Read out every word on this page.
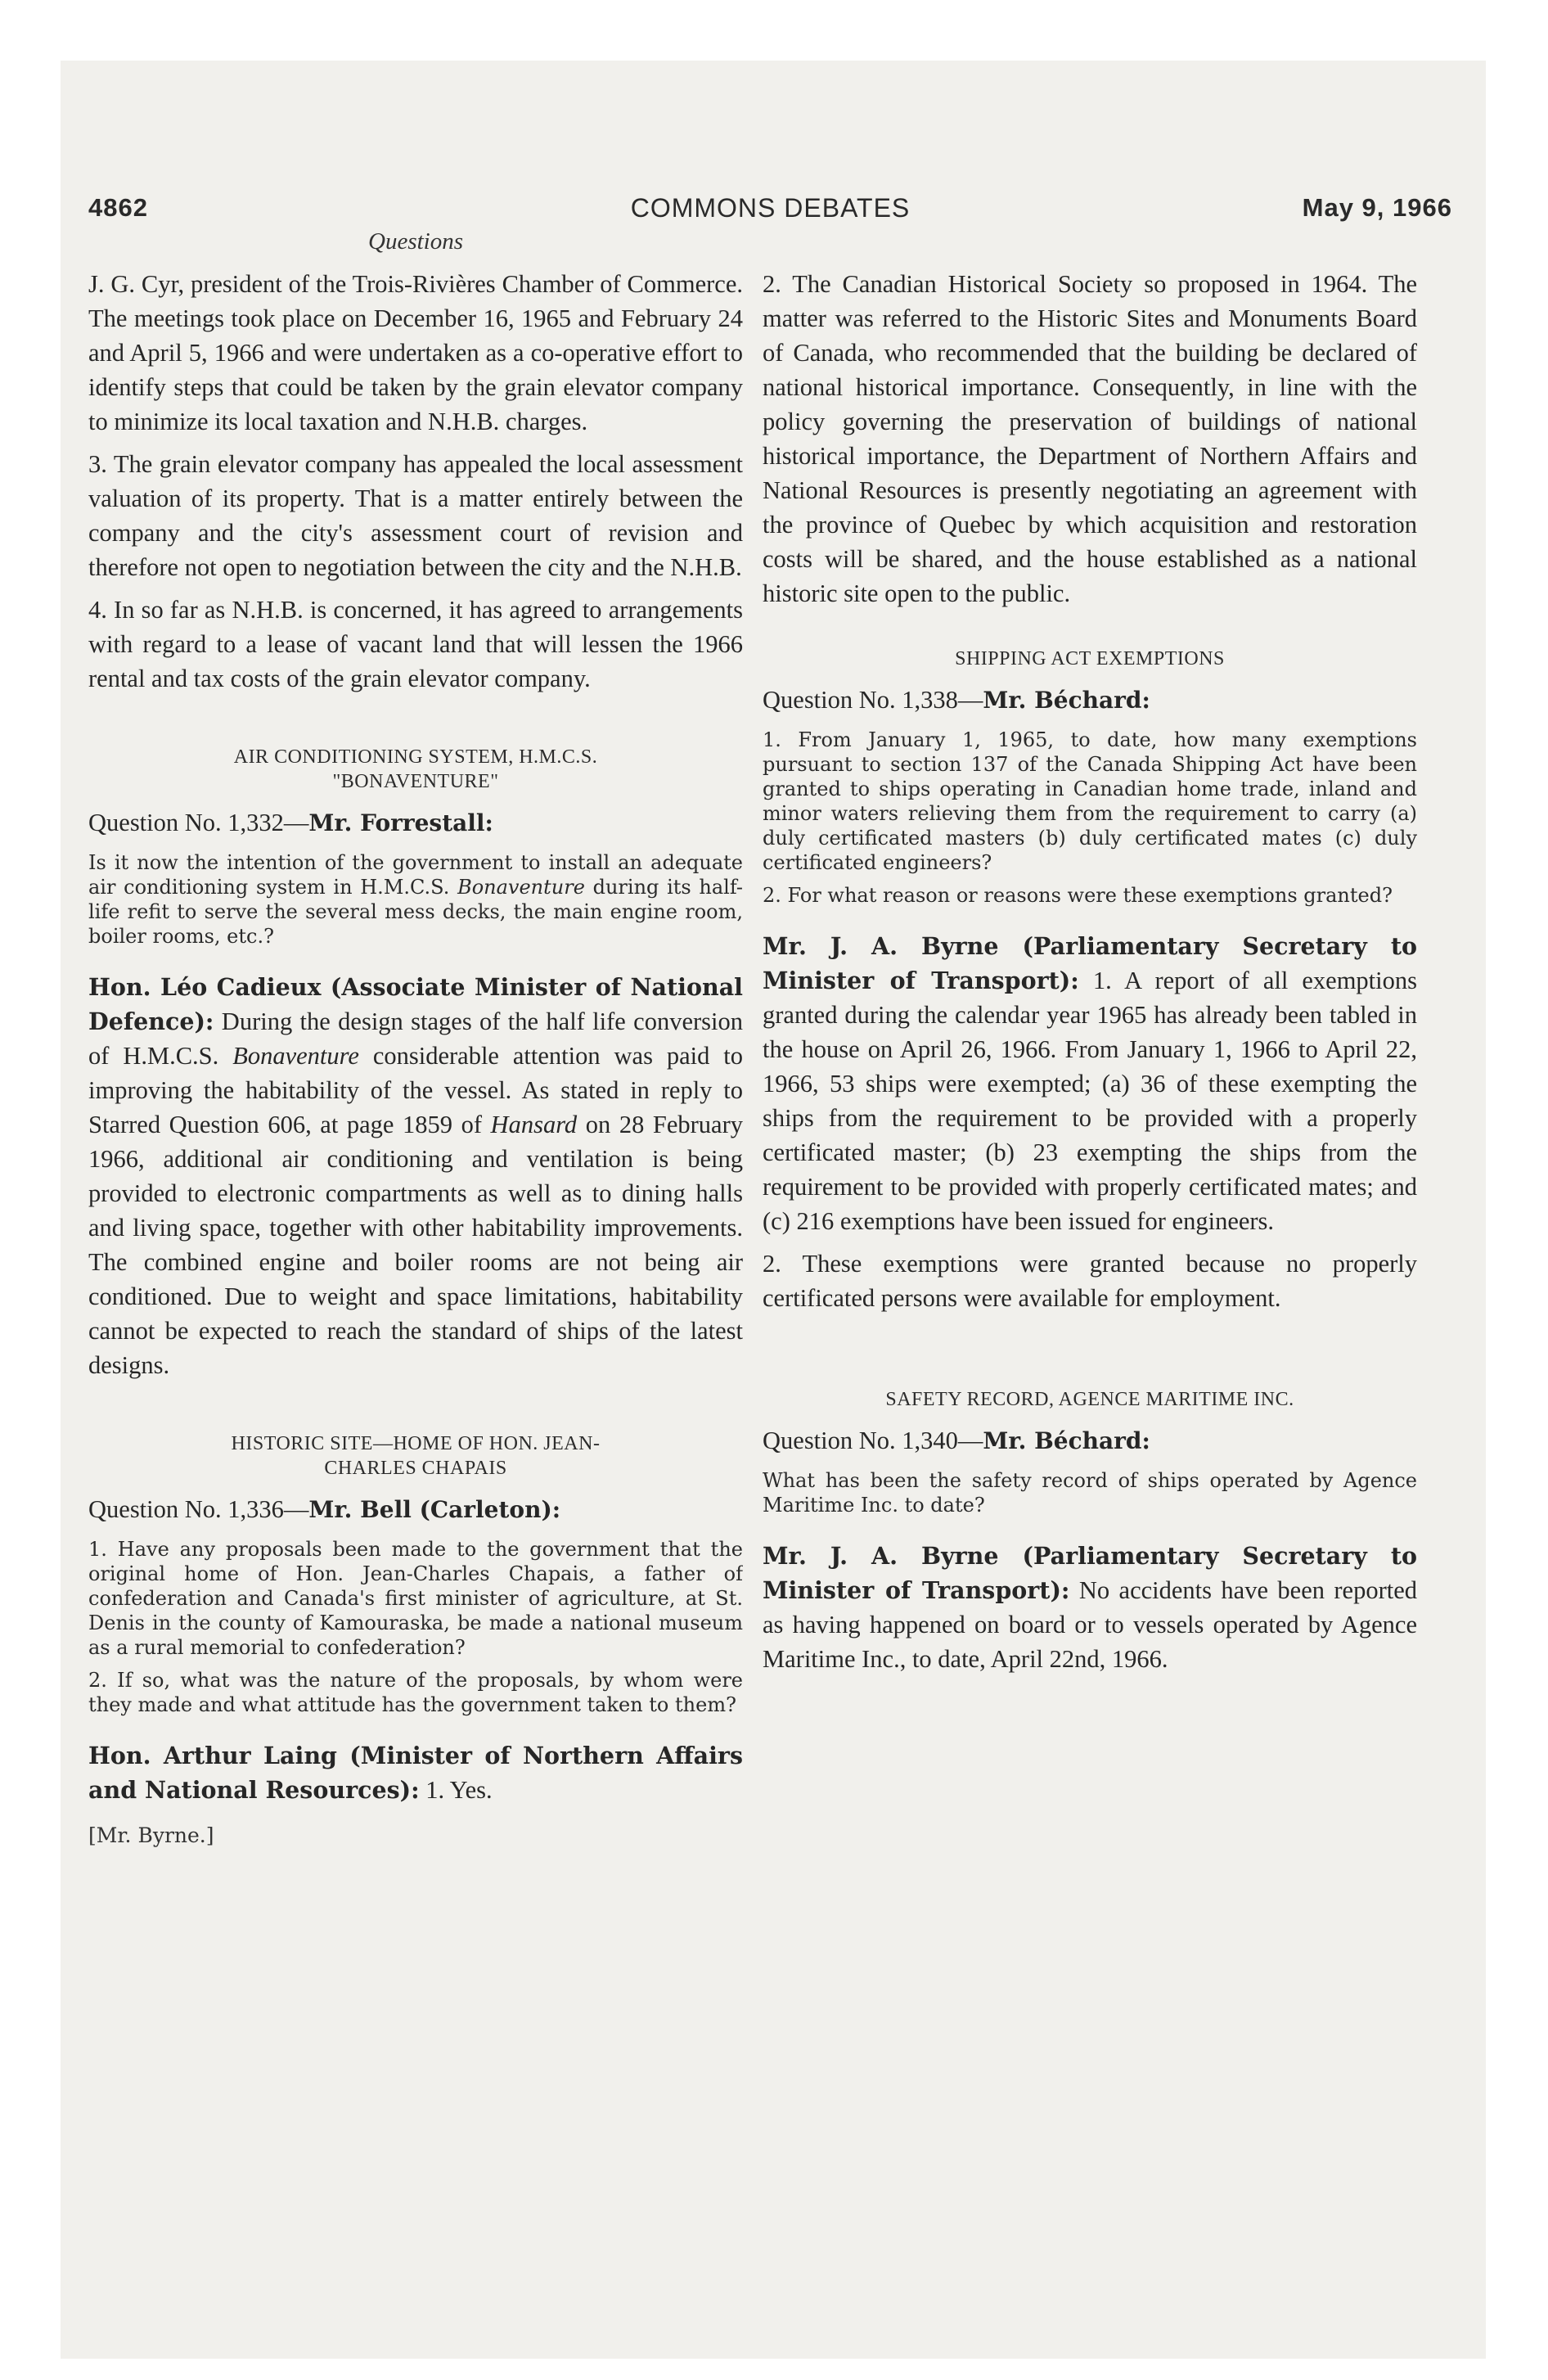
4862	COMMONS DEBATES	May 9, 1966
Questions

J. G. Cyr, president of the Trois-Rivières Chamber of Commerce. The meetings took place on December 16, 1965 and February 24 and April 5, 1966 and were undertaken as a co-operative effort to identify steps that could be taken by the grain elevator company to minimize its local taxation and N.H.B. charges.

3. The grain elevator company has appealed the local assessment valuation of its property. That is a matter entirely between the company and the city's assessment court of revision and therefore not open to negotiation between the city and the N.H.B.

4. In so far as N.H.B. is concerned, it has agreed to arrangements with regard to a lease of vacant land that will lessen the 1966 rental and tax costs of the grain elevator company.

AIR CONDITIONING SYSTEM, H.M.C.S.
"BONAVENTURE"

Question No. 1,332—Mr. Forrestall:

Is it now the intention of the government to install an adequate air conditioning system in H.M.C.S. Bonaventure during its half-life refit to serve the several mess decks, the main engine room, boiler rooms, etc.?

Hon. Léo Cadieux (Associate Minister of National Defence): During the design stages of the half life conversion of H.M.C.S. Bonaventure considerable attention was paid to improving the habitability of the vessel. As stated in reply to Starred Question 606, at page 1859 of Hansard on 28 February 1966, additional air conditioning and ventilation is being provided to electronic compartments as well as to dining halls and living space, together with other habitability improvements. The combined engine and boiler rooms are not being air conditioned. Due to weight and space limitations, habitability cannot be expected to reach the standard of ships of the latest designs.

HISTORIC SITE—HOME OF HON. JEAN-
CHARLES CHAPAIS

Question No. 1,336—Mr. Bell (Carleton):

1. Have any proposals been made to the government that the original home of Hon. Jean-Charles Chapais, a father of confederation and Canada's first minister of agriculture, at St. Denis in the county of Kamouraska, be made a national museum as a rural memorial to confederation?

2. If so, what was the nature of the proposals, by whom were they made and what attitude has the government taken to them?

Hon. Arthur Laing (Minister of Northern Affairs and National Resources): 1. Yes.

[Mr. Byrne.]

2. The Canadian Historical Society so proposed in 1964. The matter was referred to the Historic Sites and Monuments Board of Canada, who recommended that the building be declared of national historical importance. Consequently, in line with the policy governing the preservation of buildings of national historical importance, the Department of Northern Affairs and National Resources is presently negotiating an agreement with the province of Quebec by which acquisition and restoration costs will be shared, and the house established as a national historic site open to the public.

SHIPPING ACT EXEMPTIONS

Question No. 1,338—Mr. Béchard:

1. From January 1, 1965, to date, how many exemptions pursuant to section 137 of the Canada Shipping Act have been granted to ships operating in Canadian home trade, inland and minor waters relieving them from the requirement to carry (a) duly certificated masters (b) duly certificated mates (c) duly certificated engineers?

2. For what reason or reasons were these exemptions granted?

Mr. J. A. Byrne (Parliamentary Secretary to Minister of Transport): 1. A report of all exemptions granted during the calendar year 1965 has already been tabled in the house on April 26, 1966. From January 1, 1966 to April 22, 1966, 53 ships were exempted; (a) 36 of these exempting the ships from the requirement to be provided with a properly certificated master; (b) 23 exempting the ships from the requirement to be provided with properly certificated mates; and (c) 216 exemptions have been issued for engineers.

2. These exemptions were granted because no properly certificated persons were available for employment.

SAFETY RECORD, AGENCE MARITIME INC.

Question No. 1,340—Mr. Béchard:

What has been the safety record of ships operated by Agence Maritime Inc. to date?

Mr. J. A. Byrne (Parliamentary Secretary to Minister of Transport): No accidents have been reported as having happened on board or to vessels operated by Agence Maritime Inc., to date, April 22nd, 1966.
